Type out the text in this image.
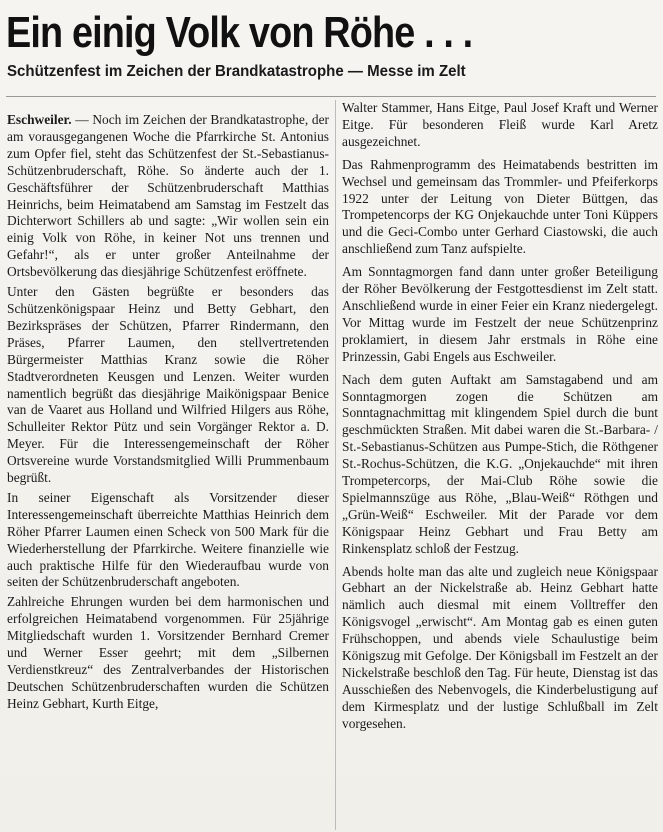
Ein einig Volk von Röhe . . .
Schützenfest im Zeichen der Brandkatastrophe — Messe im Zelt

Eschweiler. — Noch im Zeichen der Brandkatastrophe, der am vorausgegangenen Woche die Pfarrkirche St. Antonius zum Opfer fiel, steht das Schützenfest der St.-Sebastianus-Schützenbruderschaft, Röhe. So änderte auch der 1. Geschäftsführer der Schützenbruderschaft Matthias Heinrichs, beim Heimatabend am Samstag im Festzelt das Dichterwort Schillers ab und sagte: „Wir wollen sein ein einig Volk von Röhe, in keiner Not uns trennen und Gefahr!“, als er unter großer Anteilnahme der Ortsbevölkerung das diesjährige Schützenfest eröffnete.

Unter den Gästen begrüßte er besonders das Schützenkönigspaar Heinz und Betty Gebhart, den Bezirkspräses der Schützen, Pfarrer Rindermann, den Präses, Pfarrer Laumen, den stellvertretenden Bürgermeister Matthias Kranz sowie die Röher Stadtverordneten Keusgen und Lenzen. Weiter wurden namentlich begrüßt das diesjährige Maikönigspaar Benice van de Vaaret aus Holland und Wilfried Hilgers aus Röhe, Schulleiter Rektor Pütz und sein Vorgänger Rektor a. D. Meyer. Für die Interessengemeinschaft der Röher Ortsvereine wurde Vorstandsmitglied Willi Prummenbaum begrüßt.

In seiner Eigenschaft als Vorsitzender dieser Interessengemeinschaft überreichte Matthias Heinrich dem Röher Pfarrer Laumen einen Scheck von 500 Mark für die Wiederherstellung der Pfarrkirche. Weitere finanzielle wie auch praktische Hilfe für den Wiederaufbau wurde von seiten der Schützenbruderschaft angeboten.

Zahlreiche Ehrungen wurden bei dem harmonischen und erfolgreichen Heimatabend vorgenommen. Für 25jährige Mitgliedschaft wurden 1. Vorsitzender Bernhard Cremer und Werner Esser geehrt; mit dem „Silbernen Verdienstkreuz“ des Zentralverbandes der Historischen Deutschen Schützenbruderschaften wurden die Schützen Heinz Gebhart, Kurth Eitge,

Walter Stammer, Hans Eitge, Paul Josef Kraft und Werner Eitge. Für besonderen Fleiß wurde Karl Aretz ausgezeichnet.

Das Rahmenprogramm des Heimatabends bestritten im Wechsel und gemeinsam das Trommler- und Pfeiferkorps 1922 unter der Leitung von Dieter Büttgen, das Trompetencorps der KG Onjekauchde unter Toni Küppers und die Geci-Combo unter Gerhard Ciastowski, die auch anschließend zum Tanz aufspielte.

Am Sonntagmorgen fand dann unter großer Beteiligung der Röher Bevölkerung der Festgottesdienst im Zelt statt. Anschließend wurde in einer Feier ein Kranz niedergelegt. Vor Mittag wurde im Festzelt der neue Schützenprinz proklamiert, in diesem Jahr erstmals in Röhe eine Prinzessin, Gabi Engels aus Eschweiler.

Nach dem guten Auftakt am Samstagabend und am Sonntagmorgen zogen die Schützen am Sonntagnachmittag mit klingendem Spiel durch die bunt geschmückten Straßen. Mit dabei waren die St.-Barbara- / St.-Sebastianus-Schützen aus Pumpe-Stich, die Röthgener St.-Rochus-Schützen, die K.G. „Onjekauchde“ mit ihren Trompetercorps, der Mai-Club Röhe sowie die Spielmannszüge aus Röhe, „Blau-Weiß“ Röthgen und „Grün-Weiß“ Eschweiler. Mit der Parade vor dem Königspaar Heinz Gebhart und Frau Betty am Rinkensplatz schloß der Festzug.

Abends holte man das alte und zugleich neue Königspaar Gebhart an der Nickelstraße ab. Heinz Gebhart hatte nämlich auch diesmal mit einem Volltreffer den Königsvogel „erwischt“. Am Montag gab es einen guten Frühschoppen, und abends viele Schaulustige beim Königszug mit Gefolge. Der Königsball im Festzelt an der Nickelstraße beschloß den Tag. Für heute, Dienstag ist das Ausschießen des Nebenvogels, die Kinderbelustigung auf dem Kirmesplatz und der lustige Schlußball im Zelt vorgesehen.
